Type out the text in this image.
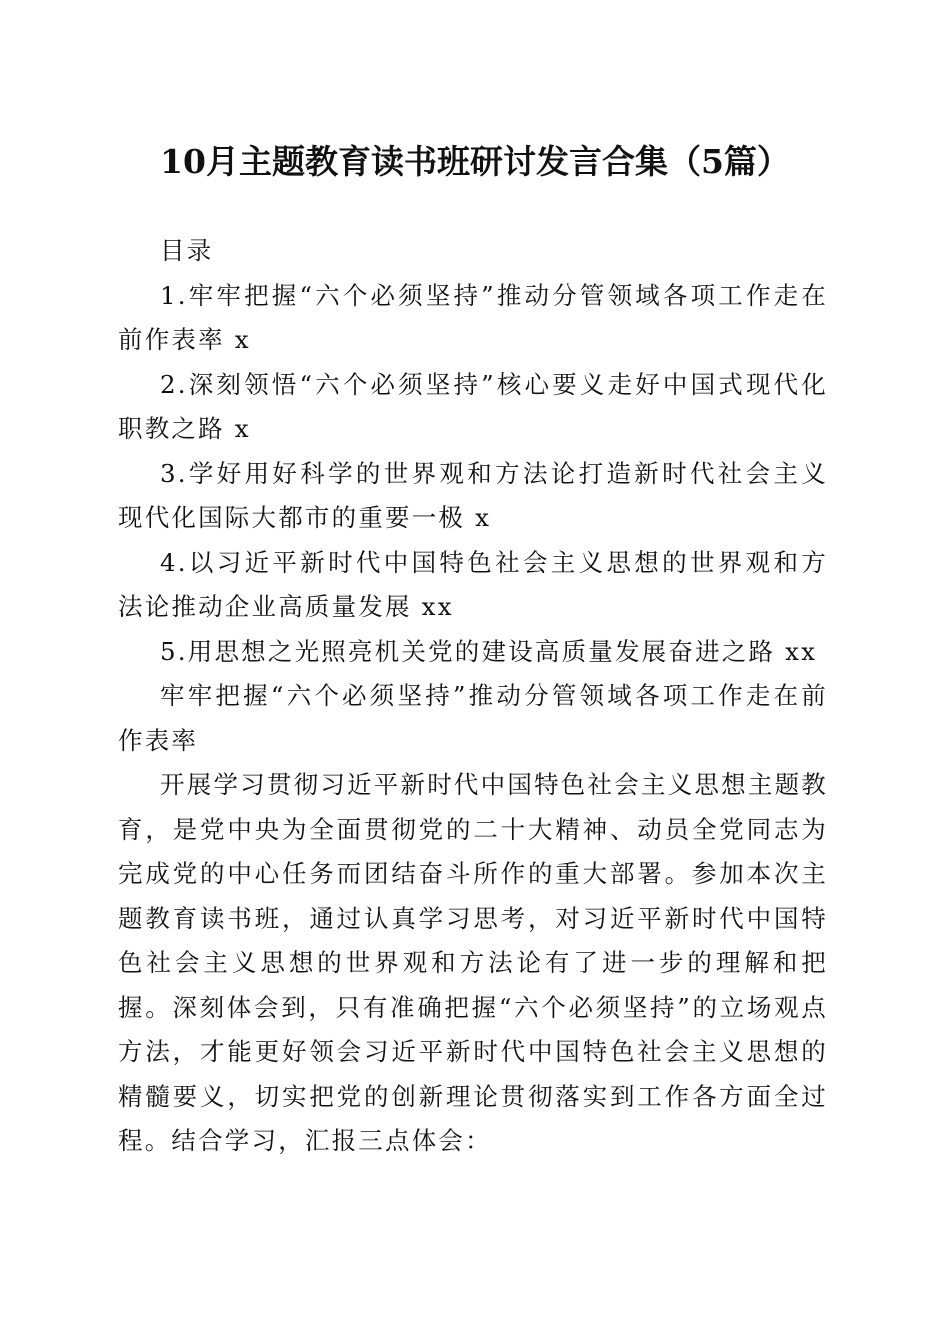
10月主题教育读书班研讨发言合集（5篇）

目录

1.牢牢把握“六个必须坚持”推动分管领域各项工作走在前作表率 x

2.深刻领悟“六个必须坚持”核心要义走好中国式现代化职教之路 x

3.学好用好科学的世界观和方法论打造新时代社会主义现代化国际大都市的重要一极 x

4.以习近平新时代中国特色社会主义思想的世界观和方法论推动企业高质量发展 xx

5.用思想之光照亮机关党的建设高质量发展奋进之路 xx

牢牢把握“六个必须坚持”推动分管领域各项工作走在前作表率

开展学习贯彻习近平新时代中国特色社会主义思想主题教育，是党中央为全面贯彻党的二十大精神、动员全党同志为完成党的中心任务而团结奋斗所作的重大部署。参加本次主题教育读书班，通过认真学习思考，对习近平新时代中国特色社会主义思想的世界观和方法论有了进一步的理解和把握。深刻体会到，只有准确把握“六个必须坚持”的立场观点方法，才能更好领会习近平新时代中国特色社会主义思想的精髓要义，切实把党的创新理论贯彻落实到工作各方面全过程。结合学习，汇报三点体会：
